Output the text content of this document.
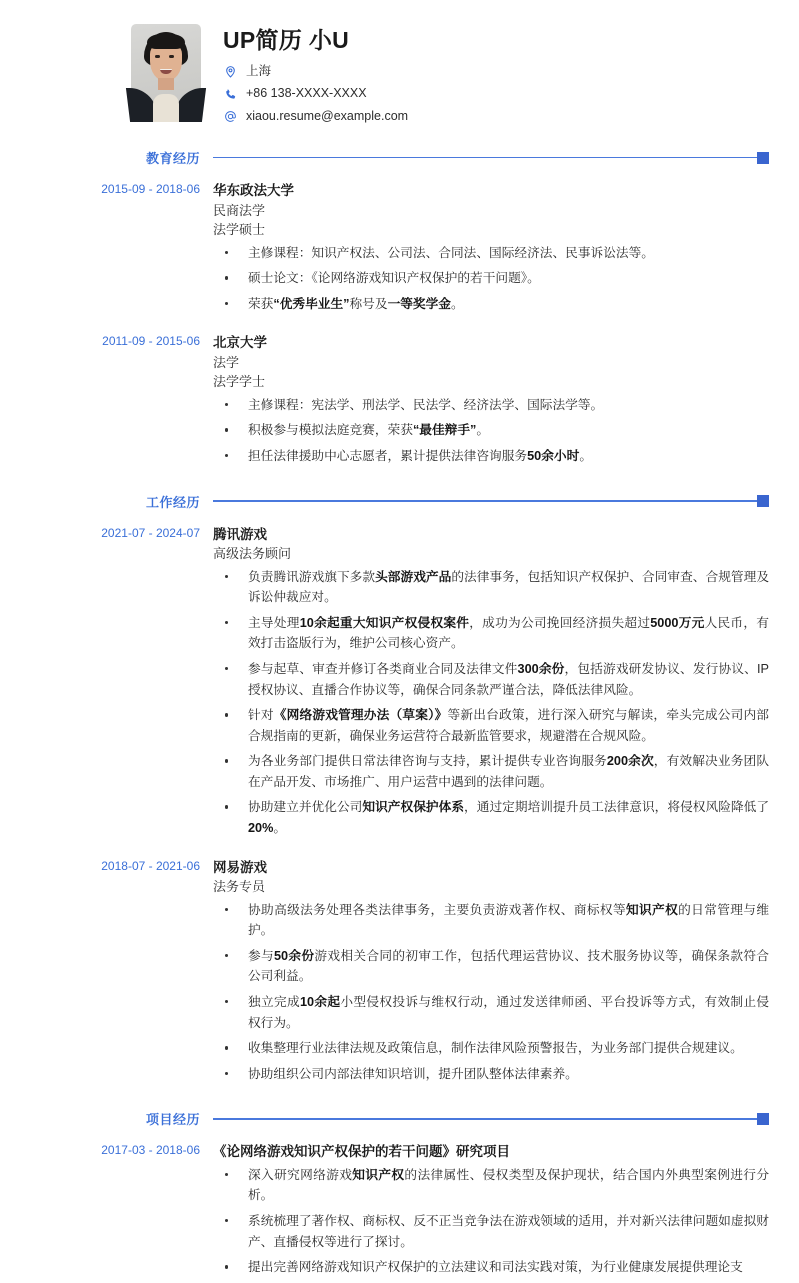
UP简历 小U
上海
+86 138-XXXX-XXXX
xiaou.resume@example.com
教育经历
2015-09 - 2018-06 华东政法大学
民商法学
法学硕士
主修课程：知识产权法、公司法、合同法、国际经济法、民事诉讼法等。
硕士论文：《论网络游戏知识产权保护的若干问题》。
荣获“优秀毕业生”称号及一等奖学金。
2011-09 - 2015-06 北京大学
法学
法学学士
主修课程：宪法学、刑法学、民法学、经济法学、国际法学等。
积极参与模拟法庭竞赛，荣获“最佳辩手”。
担任法律援助中心志愿者，累计提供法律咨询服务50余小时。
工作经历
2021-07 - 2024-07 腾讯游戏
高级法务顾问
负责腾讯游戏旗下多款头部游戏产品的法律事务，包括知识产权保护、合同审查、合规管理及诉讼仲裁应对。
主导处理10余起重大知识产权侵权案件，成功为公司挽回经济损失超过5000万元人民币，有效打击盗版行为，维护公司核心资产。
参与起草、审查并修订各类商业合同及法律文件300余份，包括游戏研发协议、发行协议、IP授权协议、直播合作协议等，确保合同条款严谨合法，降低法律风险。
针对《网络游戏管理办法（草案）》等新出台政策，进行深入研究与解读，牵头完成公司内部合规指南的更新，确保业务运营符合最新监管要求，规避潜在合规风险。
为各业务部门提供日常法律咨询与支持，累计提供专业咨询服务200余次，有效解决业务团队在产品开发、市场推广、用户运营中遇到的法律问题。
协助建立并优化公司知识产权保护体系，通过定期培训提升员工法律意识，将侵权风险降低了20%。
2018-07 - 2021-06 网易游戏
法务专员
协助高级法务处理各类法律事务，主要负责游戏著作权、商标权等知识产权的日常管理与维护。
参与50余份游戏相关合同的初审工作，包括代理运营协议、技术服务协议等，确保条款符合公司利益。
独立完成10余起小型侵权投诉与维权行动，通过发送律师函、平台投诉等方式，有效制止侵权行为。
收集整理行业法律法规及政策信息，制作法律风险预警报告，为业务部门提供合规建议。
协助组织公司内部法律知识培训，提升团队整体法律素养。
项目经历
2017-03 - 2018-06 《论网络游戏知识产权保护的若干问题》研究项目
深入研究网络游戏知识产权的法律属性、侵权类型及保护现状，结合国内外典型案例进行分析。
系统梳理了著作权、商标权、反不正当竞争法在游戏领域的适用，并对新兴法律问题如虚拟财产、直播侵权等进行了探讨。
提出完善网络游戏知识产权保护的立法建议和司法实践对策，为行业健康发展提供理论支
